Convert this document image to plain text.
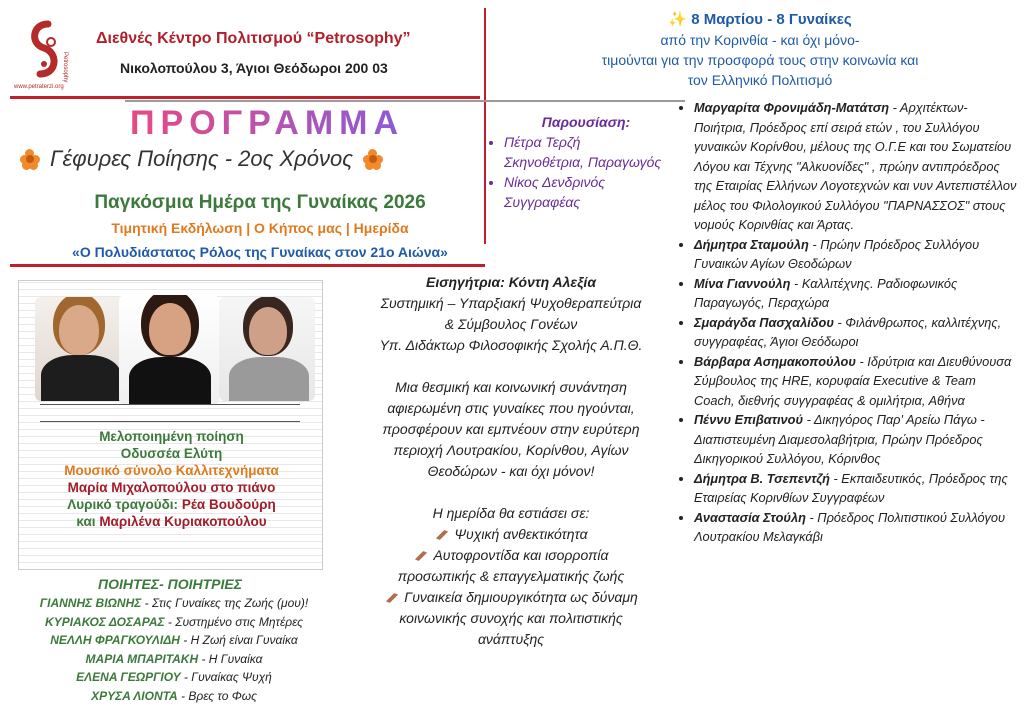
Petrosophy
www.petraterzi.org
Διεθνές Κέντρο Πολιτισμού “Petrosophy”
Νικολοπούλου 3, Άγιοι Θεόδωροι 200 03
✨ 8 Μαρτίου - 8 Γυναίκες
από την Κορινθία - και όχι μόνο-
τιμούνται για την προσφορά τους στην κοινωνία και
τον Ελληνικό Πολιτισμό
ΠΡΟΓΡΑΜΜΑ
Γέφυρες Ποίησης - 2ος Χρόνος
Παγκόσμια Ημέρα της Γυναίκας 2026
Τιμητική Εκδήλωση | Ο Κήπος μας | Ημερίδα
«Ο Πολυδιάστατος Ρόλος της Γυναίκας στον 21ο Αιώνα»
Μελοποιημένη ποίηση
Οδυσσέα Ελύτη
Μουσικό σύνολο Καλλιτεχνήματα
Μαρία Μιχαλοπούλου στο πιάνο
Λυρικό τραγούδι: Ρέα Βουδούρη
και Μαριλένα Κυριακοπούλου
ΠΟΙΗΤΕΣ- ΠΟΙΗΤΡΙΕΣ
ΓΙΑΝΝΗΣ ΒΙΩΝΗΣ - Στις Γυναίκες της Ζωής (μου)!
ΚΥΡΙΑΚΟΣ ΔΟΣΑΡΑΣ - Συστημένο στις Μητέρες
ΝΕΛΛΗ ΦΡΑΓΚΟΥΛΙΔΗ - Η Ζωή είναι Γυναίκα
ΜΑΡΙΑ ΜΠΑΡΙΤΑΚΗ - Η Γυναίκα
ΕΛΕΝΑ ΓΕΩΡΓΙΟΥ - Γυναίκας Ψυχή
ΧΡΥΣΑ ΛΙΟΝΤΑ - Βρες το Φως
Παρουσίαση:
• Πέτρα Τερζή
Σκηνοθέτρια, Παραγωγός
• Νίκος Δενδρινός
Συγγραφέας
Εισηγήτρια: Κόντη Αλεξία
Συστημική – Υπαρξιακή Ψυχοθεραπεύτρια
& Σύμβουλος Γονέων
Υπ. Διδάκτωρ Φιλοσοφικής Σχολής Α.Π.Θ.
Μια θεσμική και κοινωνική συνάντηση
αφιερωμένη στις γυναίκες που ηγούνται,
προσφέρουν και εμπνέουν στην ευρύτερη
περιοχή Λουτρακίου, Κορίνθου, Αγίων
Θεοδώρων - και όχι μόνον!
Η ημερίδα θα εστιάσει σε:
Ψυχική ανθεκτικότητα
Αυτοφροντίδα και ισορροπία
προσωπικής & επαγγελματικής ζωής
Γυναικεία δημιουργικότητα ως δύναμη
κοινωνικής συνοχής και πολιτιστικής
ανάπτυξης
• Μαργαρίτα Φρονιμάδη-Ματάτση - Αρχιτέκτων-Ποιήτρια, Πρόεδρος επί σειρά ετών , του Συλλόγου γυναικών Κορίνθου, μέλους της Ο.Γ.Ε και του Σωματείου Λόγου και Τέχνης "Αλκυονίδες" , πρώην αντιπρόεδρος της Εταιρίας Ελλήνων Λογοτεχνών και νυν Αντεπιστέλλον μέλος του Φιλολογικού Συλλόγου "ΠΑΡΝΑΣΣΟΣ" στους νομούς Κορινθίας και Άρτας.
• Δήμητρα Σταμούλη - Πρώην Πρόεδρος Συλλόγου Γυναικών Αγίων Θεοδώρων
• Μίνα Γιαννούλη - Καλλιτέχνης. Ραδιοφωνικός Παραγωγός, Περαχώρα
• Σμαράγδα Πασχαλίδου - Φιλάνθρωπος, καλλιτέχνης, συγγραφέας, Άγιοι Θεόδωροι
• Βάρβαρα Ασημακοπούλου - Ιδρύτρια και Διευθύνουσα Σύμβουλος της HRE, κορυφαία Executive & Team Coach, διεθνής συγγραφέας & ομιλήτρια, Αθήνα
• Πέννυ Επιβατινού - Δικηγόρος Παρ' Αρείω Πάγω - Διαπιστευμένη Διαμεσολαβήτρια, Πρώην Πρόεδρος Δικηγορικού Συλλόγου, Κόρινθος
• Δήμητρα Β. Τσεπεντζή - Εκπαιδευτικός, Πρόεδρος της Εταιρείας Κορινθίων Συγγραφέων
• Αναστασία Στούλη - Πρόεδρος Πολιτιστικού Συλλόγου Λουτρακίου Μελαγκάβι
